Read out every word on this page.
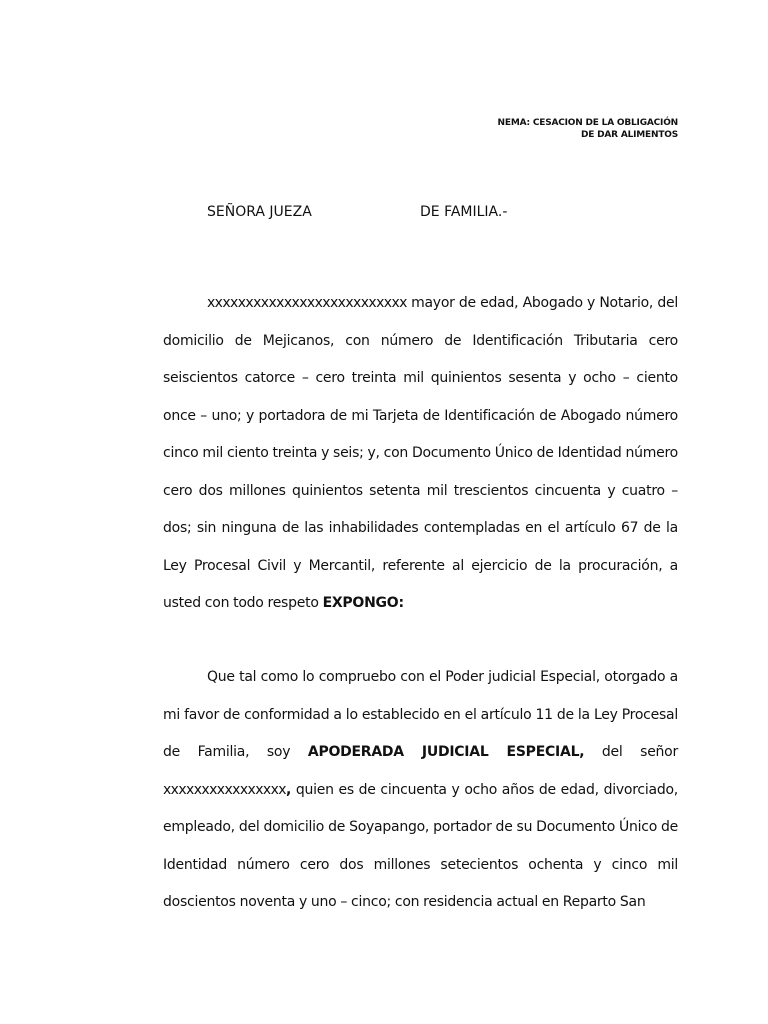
NEMA: CESACION DE LA OBLIGACIÓN
DE DAR ALIMENTOS
SEÑORA JUEZA	DE FAMILIA.-
xxxxxxxxxxxxxxxxxxxxxxxxxx mayor de edad, Abogado y Notario, del domicilio de Mejicanos, con número de Identificación Tributaria cero seiscientos catorce – cero treinta mil quinientos sesenta y ocho – ciento once – uno; y portadora de mi Tarjeta de Identificación de Abogado número cinco mil ciento treinta y seis; y, con Documento Único de Identidad número cero dos millones quinientos setenta mil trescientos cincuenta y cuatro – dos; sin ninguna de las inhabilidades contempladas en el artículo 67 de la Ley Procesal Civil y Mercantil, referente al ejercicio de la procuración, a usted con todo respeto EXPONGO:
Que tal como lo compruebo con el Poder judicial Especial, otorgado a mi favor de conformidad a lo establecido en el artículo 11 de la Ley Procesal de Familia, soy APODERADA JUDICIAL ESPECIAL, del señor xxxxxxxxxxxxxxxx, quien es de cincuenta y ocho años de edad, divorciado, empleado, del domicilio de Soyapango, portador de su Documento Único de Identidad número cero dos millones setecientos ochenta y cinco mil doscientos noventa y uno – cinco; con residencia actual en Reparto San
